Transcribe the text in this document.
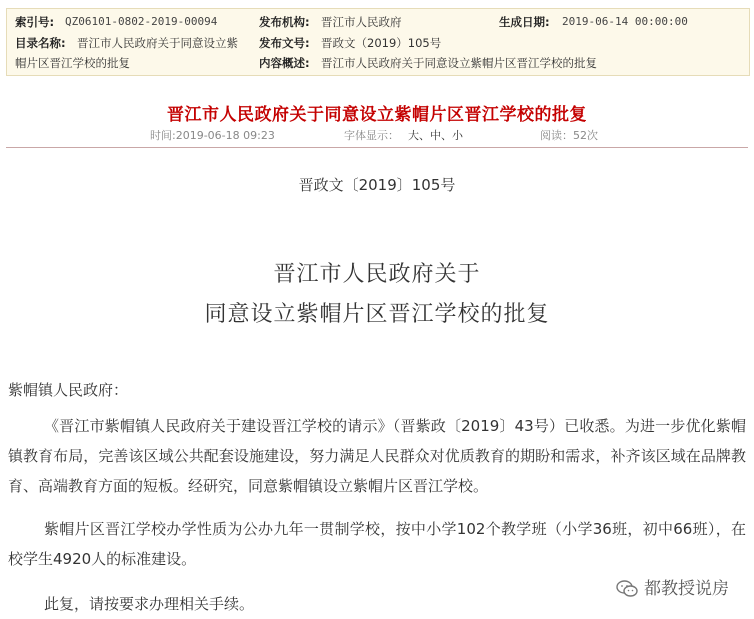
索引号: QZ06101-0802-2019-00094	发布机构: 晋江市人民政府	生成日期: 2019-06-14 00:00:00
目录名称: 晋江市人民政府关于同意设立紫
帽片区晋江学校的批复
发布文号: 晋政文（2019）105号
内容概述: 晋江市人民政府关于同意设立紫帽片区晋江学校的批复
晋江市人民政府关于同意设立紫帽片区晋江学校的批复
时间:2019-06-18 09:23	字体显示： 大、中、小	阅读：52次
晋政文〔2019〕105号
晋江市人民政府关于
同意设立紫帽片区晋江学校的批复
紫帽镇人民政府：
《晋江市紫帽镇人民政府关于建设晋江学校的请示》（晋紫政〔2019〕43号）已收悉。为进一步优化紫帽镇教育布局，完善该区域公共配套设施建设，努力满足人民群众对优质教育的期盼和需求，补齐该区域在品牌教育、高端教育方面的短板。经研究，同意紫帽镇设立紫帽片区晋江学校。
紫帽片区晋江学校办学性质为公办九年一贯制学校，按中小学102个教学班（小学36班，初中66班），在校学生4920人的标准建设。
此复，请按要求办理相关手续。
都教授说房
